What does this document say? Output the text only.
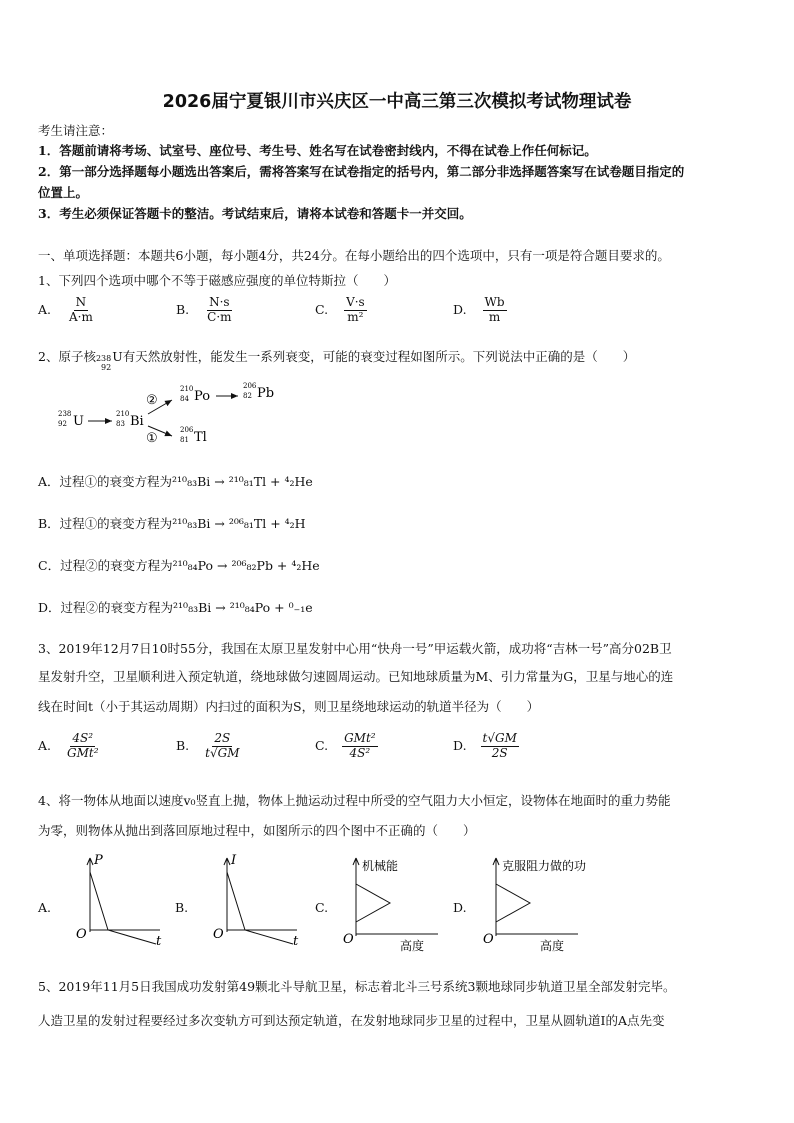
2026届宁夏银川市兴庆区一中高三第三次模拟考试物理试卷
考生请注意：
1．答题前请将考场、试室号、座位号、考生号、姓名写在试卷密封线内，不得在试卷上作任何标记。
2．第一部分选择题每小题选出答案后，需将答案写在试卷指定的括号内，第二部分非选择题答案写在试卷题目指定的
位置上。
3．考生必须保证答题卡的整洁。考试结束后，请将本试卷和答题卡一并交回。
一、单项选择题：本题共6小题，每小题4分，共24分。在每小题给出的四个选项中，只有一项是符合题目要求的。
1、下列四个选项中哪个不等于磁感应强度的单位特斯拉（　　）
A. $\frac{N}{A\cdot m}$	B. $\frac{N\cdot s}{C\cdot m}$	C. $\frac{V\cdot s}{\text{m²}}$	D. $\frac{Wb}{m}$
2、原子核 238
92
U有天然放射性，能发生一系列衰变，可能的衰变过程如图所示。下列说法中正确的是（　　）
238
92 U	210
83 Bi
②
①
210
84 Po
206
82 Pb
206
81 Tl
A．过程①的衰变方程为²¹⁰₈₃Bi → ²¹⁰₈₁Tl + ⁴₂He
B．过程①的衰变方程为²¹⁰₈₃Bi → ²⁰⁶₈₁Tl + ⁴₂H
C．过程②的衰变方程为²¹⁰₈₄Po → ²⁰⁶₈₂Pb + ⁴₂He
D．过程②的衰变方程为²¹⁰₈₃Bi → ²¹⁰₈₄Po + ⁰₋₁e
3、2019年12月7日10时55分，我国在太原卫星发射中心用“快舟一号”甲运载火箭，成功将“吉林一号”高分02B卫
星发射升空，卫星顺利进入预定轨道，绕地球做匀速圆周运动。已知地球质量为M、引力常量为G，卫星与地心的连
线在时间t（小于其运动周期）内扫过的面积为S，则卫星绕地球运动的轨道半径为（　　）
A. $\frac{\text{4S²}}{\text{GMt²}}$	B. $\frac{2S}{t√GM}$	C. $\frac{\text{GMt²}}{\text{4S²}}$	D. $\frac{t√GM}{2S}$
4、将一物体从地面以速度v₀竖直上抛，物体上抛运动过程中所受的空气阻力大小恒定，设物体在地面时的重力势能
为零，则物体从抛出到落回原地过程中，如图所示的四个图中不正确的（　　）
A.
P
O	t
B.
I
O	t
C.
机械能
O	高度
D.
克服阻力做的功
O	高度
5、2019年11月5日我国成功发射第49颗北斗导航卫星，标志着北斗三号系统3颗地球同步轨道卫星全部发射完毕。
人造卫星的发射过程要经过多次变轨方可到达预定轨道，在发射地球同步卫星的过程中，卫星从圆轨道Ⅰ的A点先变
